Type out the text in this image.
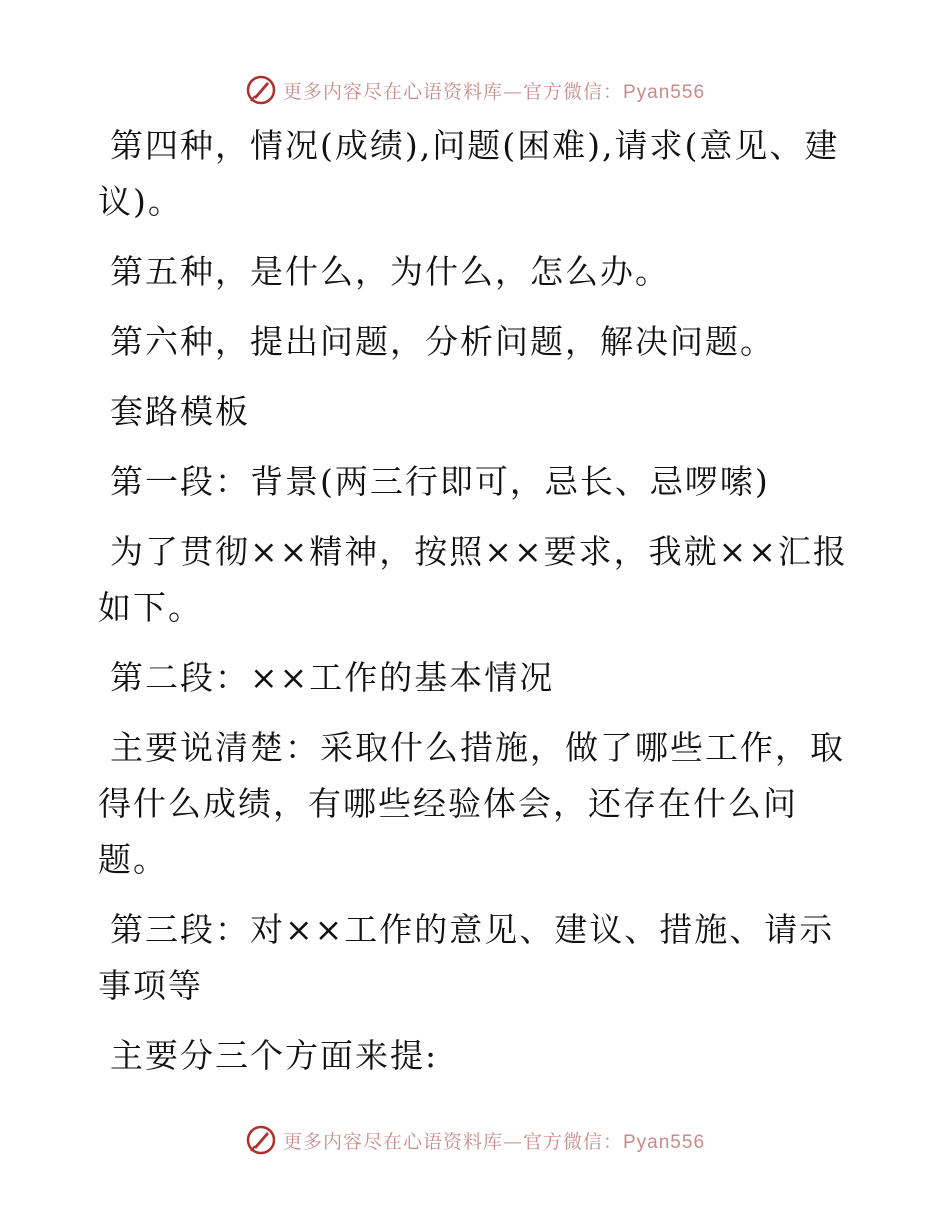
更多内容尽在心语资料库—官方微信：Pyan556

第四种，情况(成绩),问题(困难),请求(意见、建议)。

第五种，是什么，为什么，怎么办。

第六种，提出问题，分析问题，解决问题。

套路模板

第一段：背景(两三行即可，忌长、忌啰嗦)

为了贯彻××精神，按照××要求，我就××汇报如下。

第二段：××工作的基本情况

主要说清楚：采取什么措施，做了哪些工作，取得什么成绩，有哪些经验体会，还存在什么问题。

第三段：对××工作的意见、建议、措施、请示事项等

主要分三个方面来提:

更多内容尽在心语资料库—官方微信：Pyan556
